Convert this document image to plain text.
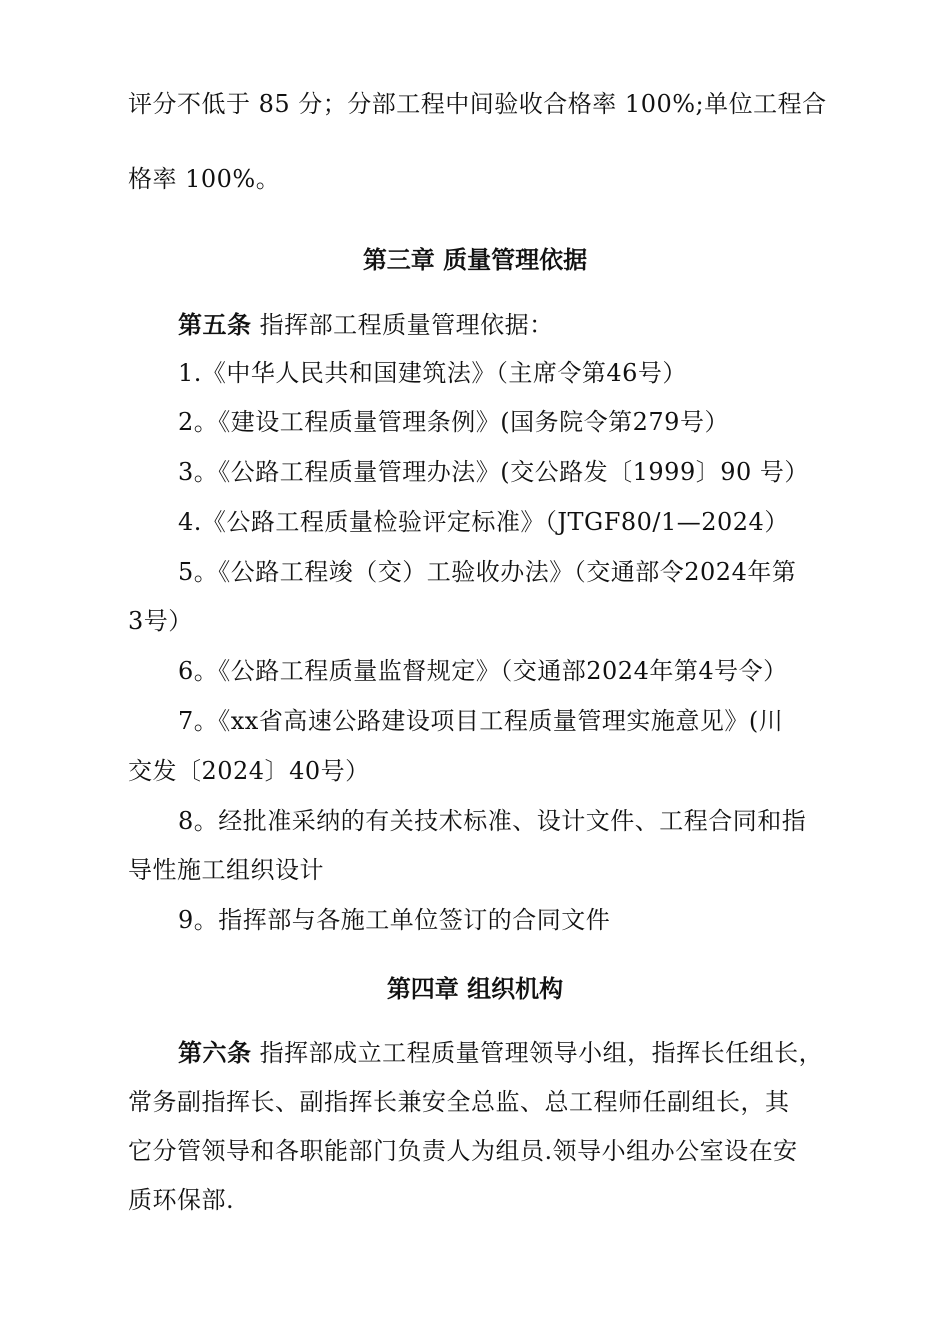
评分不低于 85 分；分部工程中间验收合格率 100%;单位工程合
格率 100%。
第三章 质量管理依据
第五条 指挥部工程质量管理依据：
1.《中华人民共和国建筑法》（主席令第46号）
2。《建设工程质量管理条例》(国务院令第279号）
3。《公路工程质量管理办法》(交公路发〔1999〕90 号）
4.《公路工程质量检验评定标准》（JTGF80/1—2024）
5。《公路工程竣（交）工验收办法》（交通部令2024年第
3号）
6。《公路工程质量监督规定》（交通部2024年第4号令）
7。《xx省高速公路建设项目工程质量管理实施意见》(川
交发〔2024〕40号）
8。经批准采纳的有关技术标准、设计文件、工程合同和指
导性施工组织设计
9。指挥部与各施工单位签订的合同文件
第四章 组织机构
第六条 指挥部成立工程质量管理领导小组，指挥长任组长，
常务副指挥长、副指挥长兼安全总监、总工程师任副组长，其
它分管领导和各职能部门负责人为组员.领导小组办公室设在安
质环保部.
